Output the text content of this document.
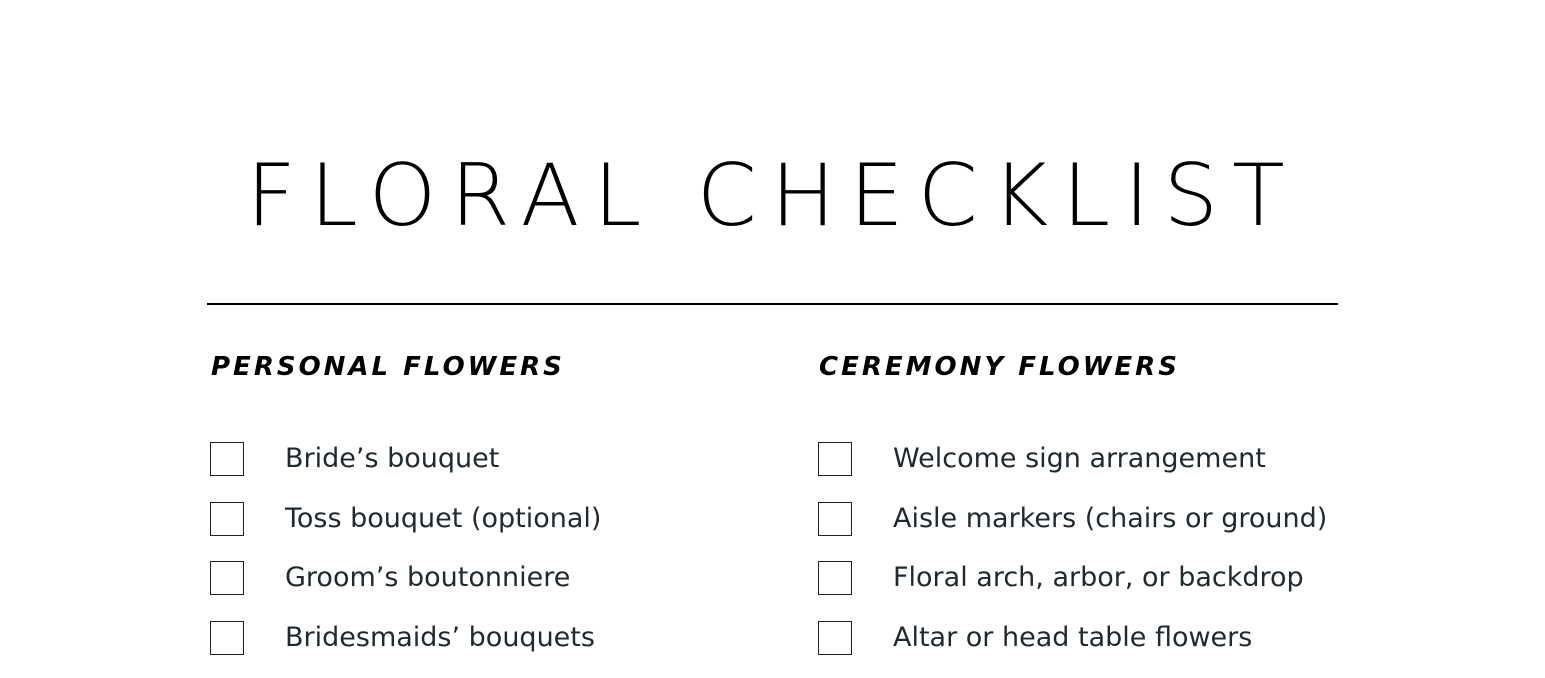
FLORAL CHECKLIST
PERSONAL FLOWERS	CEREMONY FLOWERS
Bride’s bouquet
Toss bouquet (optional)
Groom’s boutonniere
Bridesmaids’ bouquets
Welcome sign arrangement
Aisle markers (chairs or ground)
Floral arch, arbor, or backdrop
Altar or head table flowers
